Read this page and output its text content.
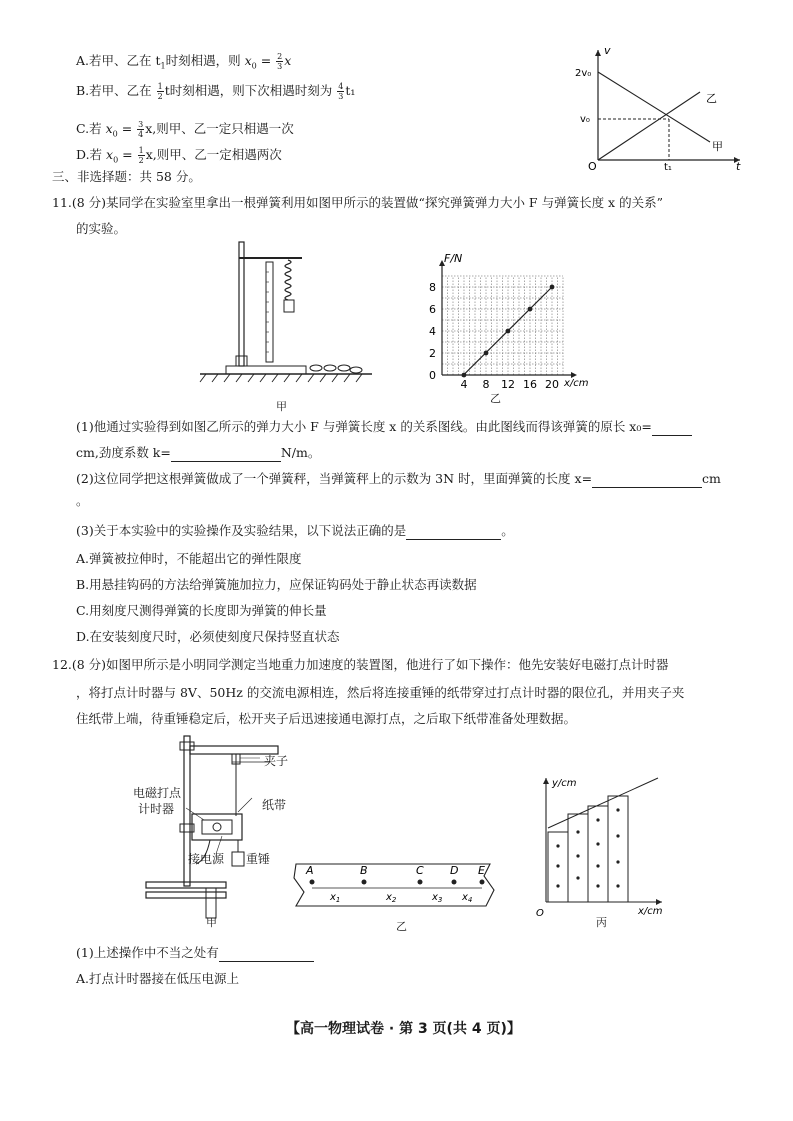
A.若甲、乙在 $t_1$时刻相遇，则 $x_0 = \frac{2}{3}$ x
B.若甲、乙在 $\frac{1}{2}$ t时刻相遇，则下次相遇时刻为 $\frac{4}{3} t_1$
C.若 $x_0 = \frac{3}{4} x$,则甲、乙一定只相遇一次
D.若 $x_0 = \frac{1}{2} x$,则甲、乙一定相遇两次
v
t
O
2v₀
v₀
t₁
乙
甲
三、非选择题：共 58 分。
11.(8 分)某同学在实验室里拿出一根弹簧利用如图甲所示的装置做“探究弹簧弹力大小 F 与弹簧长度 x 的关系”
的实验。
甲
4 8 12 16 20
0
2
4
6
8
F/N
x/cm
乙
(1)他通过实验得到如图乙所示的弹力大小 F 与弹簧长度 x 的关系图线。由此图线而得该弹簧的原长 x₀=
cm,劲度系数 k=	N/m。
(2)这位同学把这根弹簧做成了一个弹簧秤，当弹簧秤上的示数为 3N 时，里面弹簧的长度 x=	cm
。
(3)关于本实验中的实验操作及实验结果，以下说法正确的是	。
A.弹簧被拉伸时，不能超出它的弹性限度
B.用悬挂钩码的方法给弹簧施加拉力，应保证钩码处于静止状态再读数据
C.用刻度尺测得弹簧的长度即为弹簧的伸长量
D.在安装刻度尺时，必须使刻度尺保持竖直状态
12.(8 分)如图甲所示是小明同学测定当地重力加速度的装置图，他进行了如下操作：他先安装好电磁打点计时器
，将打点计时器与 8V、50Hz 的交流电源相连，然后将连接重锤的纸带穿过打点计时器的限位孔，并用夹子夹
住纸带上端，待重锤稳定后，松开夹子后迅速接通电源打点，之后取下纸带准备处理数据。
夹子
电磁打点
计时器	纸带
接电源 重锤
甲
A	B	C D E
$x_1$	$x_2$	$x_3$ $x_4$
乙
y/cm
x/cm
O
丙
(1)上述操作中不当之处有
A.打点计时器接在低压电源上
【高一物理试卷 · 第 3 页(共 4 页)】
